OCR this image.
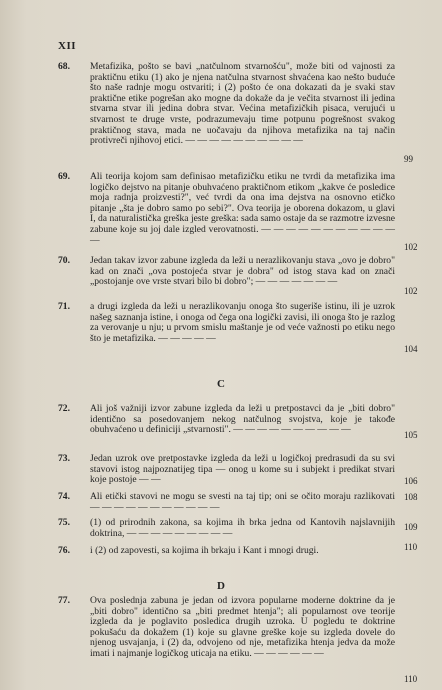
XII
68. Metafizika, pošto se bavi „natčulnom stvarnošću", može biti od vajnosti za praktičnu etiku (1) ako je njena natčulna stvarnost shvaćena kao nešto buduće što naše radnje mogu ostvariti; i (2) pošto će ona dokazati da je svaki stav praktične etike pogrešan ako mogne da dokaže da je večita stvarnost ili jedina stvarna stvar ili jedina dobra stvar. Većina metafizičkih pisaca, verujući u stvarnost te druge vrste, podrazumevaju time potpunu pogrešnost svakog praktičnog stava, mada ne uočavaju da njihova metafizika na taj način protivreči njihovoj etici. — — — — — — — — — —
99
69. Ali teorija kojom sam definisao metafizičku etiku ne tvrdi da metafizika ima logičko dejstvo na pitanje obuhvaćeno praktičnom etikom „kakve će posledice moja radnja proizvesti?", već tvrdi da ona ima dejstva na osnovno etičko pitanje „šta je dobro samo po sebi?". Ova teorija je oborena dokazom, u glavi I, da naturalistička greška jeste greška: sada samo ostaje da se razmotre izvesne zabune koje su joj dale izgled verovatnosti. — — — — — — — — — — — —
102
70. Jedan takav izvor zabune izgleda da leži u nerazlikovanju stava „ovo je dobro" kad on znači „ova postojeća stvar je dobra" od istog stava kad on znači „postojanje ove vrste stvari bilo bi dobro"; — — — — — — —
102
71. a drugi izgleda da leži u nerazlikovanju onoga što sugeriše istinu, ili je uzrok našeg saznanja istine, i onoga od čega ona logički zavisi, ili onoga što je razlog za verovanje u nju; u prvom smislu maštanje je od veće važnosti po etiku nego što je metafizika. — — — — —
104
C
72. Ali još važniji izvor zabune izgleda da leži u pretpostavci da je „biti dobro" identično sa posedovanjem nekog natčulnog svojstva, koje je takođe obuhvaćeno u definiciji „stvarnosti". — — — — — — — — — —	105
73. Jedan uzrok ove pretpostavke izgleda da leži u logičkoj predrasudi da su svi stavovi istog najpoznatijeg tipa — onog u kome su i subjekt i predikat stvari koje postoje — —	106
74. Ali etički stavovi ne mogu se svesti na taj tip; oni se očito moraju razlikovati — — — — — — — — — — —
108
75. (1) od prirodnih zakona, sa kojima ih brka jedna od Kantovih najslavnijih doktrina, — — — — — — — — —
109
76. i (2) od zapovesti, sa kojima ih brkaju i Kant i mnogi drugi.	110
D
77. Ova poslednja zabuna je jedan od izvora popularne moderne doktrine da je „biti dobro" identično sa „biti predmet htenja"; ali popularnost ove teorije izgleda da je poglavito posledica drugih uzroka. U pogledu te doktrine pokušaću da dokažem (1) koje su glavne greške koje su izgleda dovele do njenog usvajanja, i (2) da, odvojeno od nje, metafizika htenja jedva da može imati i najmanje logičkog uticaja na etiku. — — — — — —
110
